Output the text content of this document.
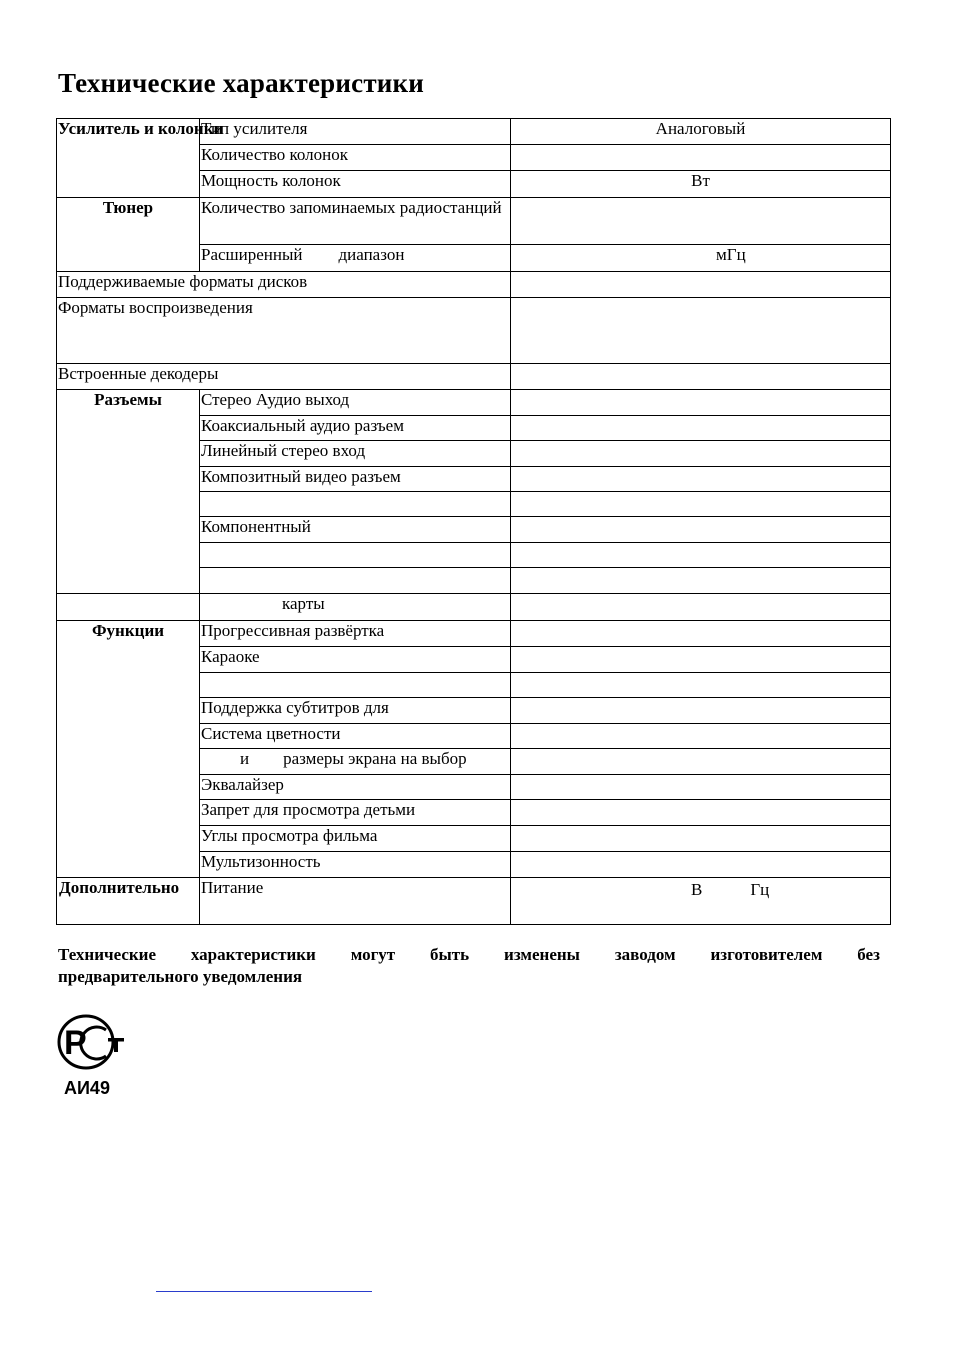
Технические характеристики
Усилитель и колонки	Тип усилителя	Аналоговый
	Количество колонок	
	Мощность колонок	Вт
Тюнер	Количество запоминаемых радиостанций	
	Расширенный диапазон	мГц
Поддерживаемые форматы дисков		
Форматы воспроизведения		
Встроенные декодеры		
Разъемы	Стерео Аудио выход	
	Коаксиальный аудио разъем	
	Линейный стерео вход	
	Композитный видео разъем	

	Компонентный	

	карты	
Функции	Прогрессивная развёртка	
	Караоке	

	Поддержка субтитров для	
	Система цветности	
	и размеры экрана на выбор	
	Эквалайзер	
	Запрет для просмотра детьми	
	Углы просмотра фильма	
	Мультизонность	
Дополнительно	Питание	В Гц
Технические характеристики могут быть изменены заводом изготовителем без
предварительного уведомления
Р
АИ49
